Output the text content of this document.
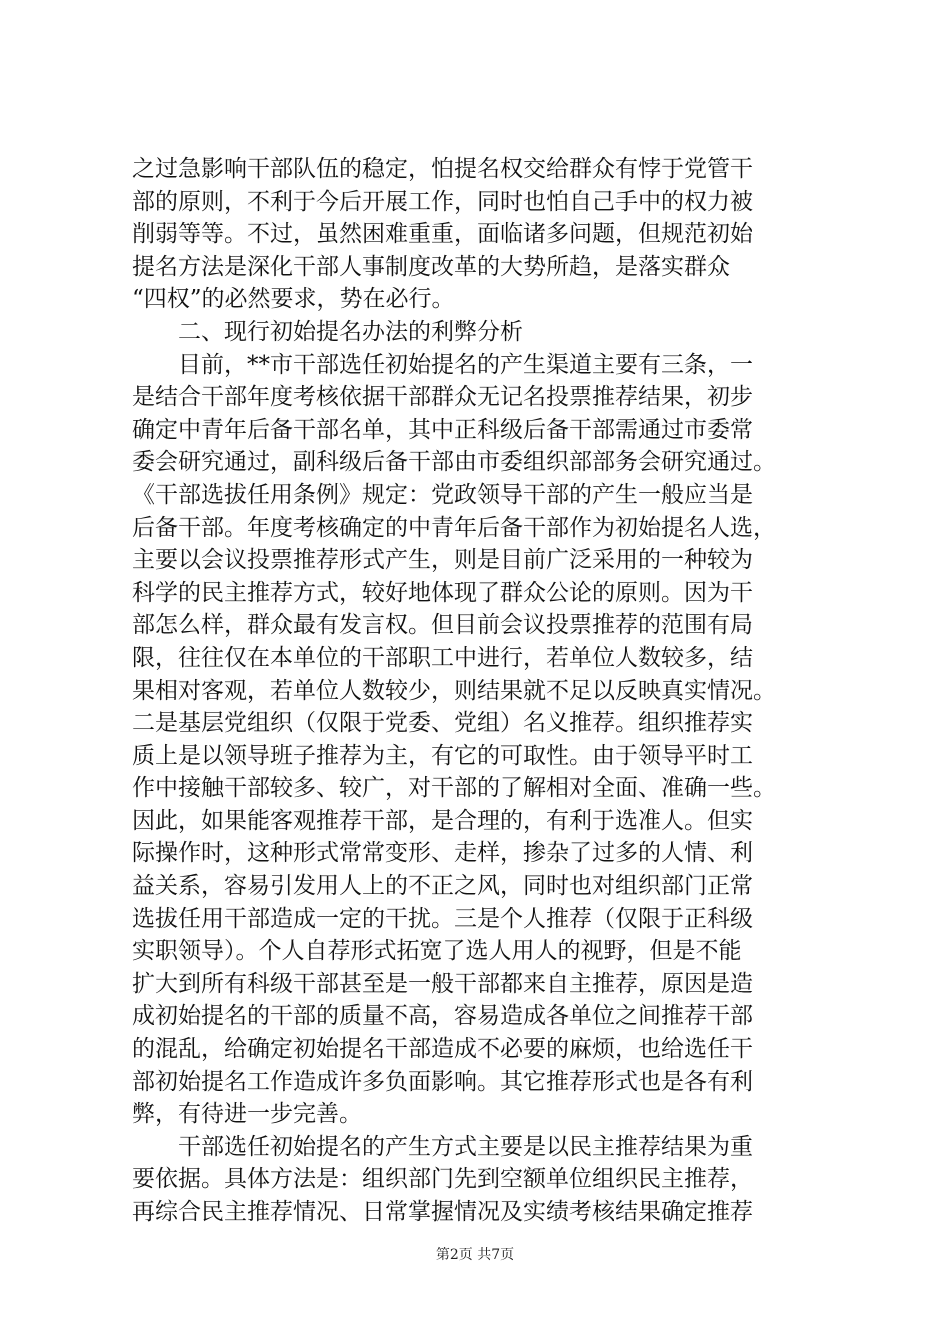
之过急影响干部队伍的稳定，怕提名权交给群众有悖于党管干
部的原则，不利于今后开展工作，同时也怕自己手中的权力被
削弱等等。不过，虽然困难重重，面临诸多问题，但规范初始
提名方法是深化干部人事制度改革的大势所趋，是落实群众
“四权”的必然要求，势在必行。
　　二、现行初始提名办法的利弊分析
　　目前，**市干部选任初始提名的产生渠道主要有三条，一
是结合干部年度考核依据干部群众无记名投票推荐结果，初步
确定中青年后备干部名单，其中正科级后备干部需通过市委常
委会研究通过，副科级后备干部由市委组织部部务会研究通过。
《干部选拔任用条例》规定：党政领导干部的产生一般应当是
后备干部。年度考核确定的中青年后备干部作为初始提名人选，
主要以会议投票推荐形式产生，则是目前广泛采用的一种较为
科学的民主推荐方式，较好地体现了群众公论的原则。因为干
部怎么样，群众最有发言权。但目前会议投票推荐的范围有局
限，往往仅在本单位的干部职工中进行，若单位人数较多，结
果相对客观，若单位人数较少，则结果就不足以反映真实情况。
二是基层党组织（仅限于党委、党组）名义推荐。组织推荐实
质上是以领导班子推荐为主，有它的可取性。由于领导平时工
作中接触干部较多、较广，对干部的了解相对全面、准确一些。
因此，如果能客观推荐干部，是合理的，有利于选准人。但实
际操作时，这种形式常常变形、走样，掺杂了过多的人情、利
益关系，容易引发用人上的不正之风，同时也对组织部门正常
选拔任用干部造成一定的干扰。三是个人推荐（仅限于正科级
实职领导）。个人自荐形式拓宽了选人用人的视野，但是不能
扩大到所有科级干部甚至是一般干部都来自主推荐，原因是造
成初始提名的干部的质量不高，容易造成各单位之间推荐干部
的混乱，给确定初始提名干部造成不必要的麻烦，也给选任干
部初始提名工作造成许多负面影响。其它推荐形式也是各有利
弊，有待进一步完善。
　　干部选任初始提名的产生方式主要是以民主推荐结果为重
要依据。具体方法是：组织部门先到空额单位组织民主推荐，
再综合民主推荐情况、日常掌握情况及实绩考核结果确定推荐
第2页 共7页
